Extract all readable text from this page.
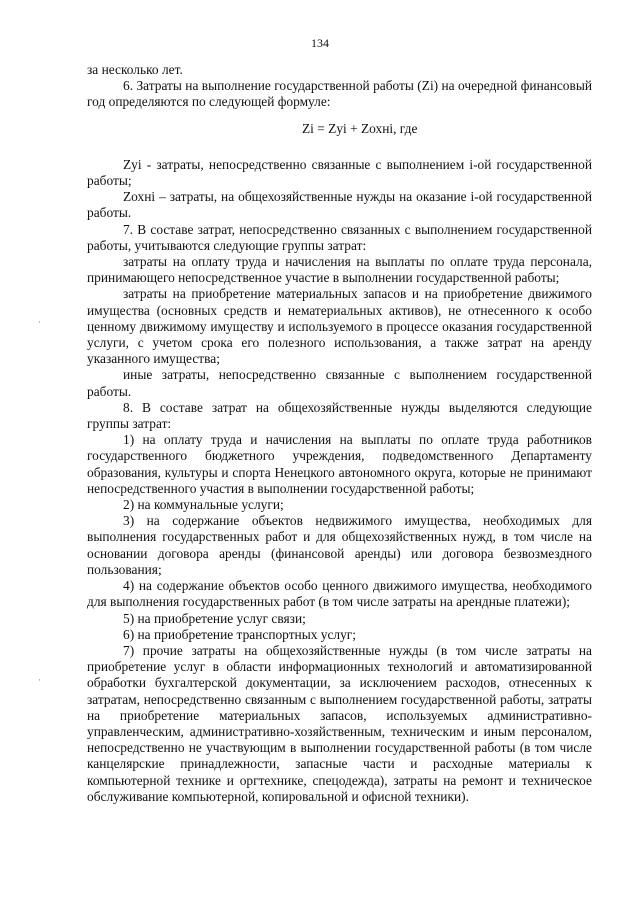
134

за несколько лет.

6. Затраты на выполнение государственной работы (Zi) на очередной финансовый год определяются по следующей формуле:

Zi = Zyi + Zохнi, где

Zyi - затраты, непосредственно связанные с выполнением i-ой государственной работы;

Zохнi – затраты, на общехозяйственные нужды на оказание i-ой государственной работы.

7. В составе затрат, непосредственно связанных с выполнением государственной работы, учитываются следующие группы затрат:

затраты на оплату труда и начисления на выплаты по оплате труда персонала, принимающего непосредственное участие в выполнении государственной работы;

затраты на приобретение материальных запасов и на приобретение движимого имущества (основных средств и нематериальных активов), не отнесенного к особо ценному движимому имуществу и используемого в процессе оказания государственной услуги, с учетом срока его полезного использования, а также затрат на аренду указанного имущества;

иные затраты, непосредственно связанные с выполнением государственной работы.

8. В составе затрат на общехозяйственные нужды выделяются следующие группы затрат:

1) на оплату труда и начисления на выплаты по оплате труда работников государственного бюджетного учреждения, подведомственного Департаменту образования, культуры и спорта Ненецкого автономного округа, которые не принимают непосредственного участия в выполнении государственной работы;

2) на коммунальные услуги;

3) на содержание объектов недвижимого имущества, необходимых для выполнения государственных работ и для общехозяйственных нужд, в том числе на основании договора аренды (финансовой аренды) или договора безвозмездного пользования;

4) на содержание объектов особо ценного движимого имущества, необходимого для выполнения государственных работ (в том числе затраты на арендные платежи);

5) на приобретение услуг связи;

6) на приобретение транспортных услуг;

7) прочие затраты на общехозяйственные нужды (в том числе затраты на приобретение услуг в области информационных технологий и автоматизированной обработки бухгалтерской документации, за исключением расходов, отнесенных к затратам, непосредственно связанным с выполнением государственной работы, затраты на приобретение материальных запасов, используемых административно-управленческим, административно-хозяйственным, техническим и иным персоналом, непосредственно не участвующим в выполнении государственной работы (в том числе канцелярские принадлежности, запасные части и расходные материалы к компьютерной технике и оргтехнике, спецодежда), затраты на ремонт и техническое обслуживание компьютерной, копировальной и офисной техники).

·
·
